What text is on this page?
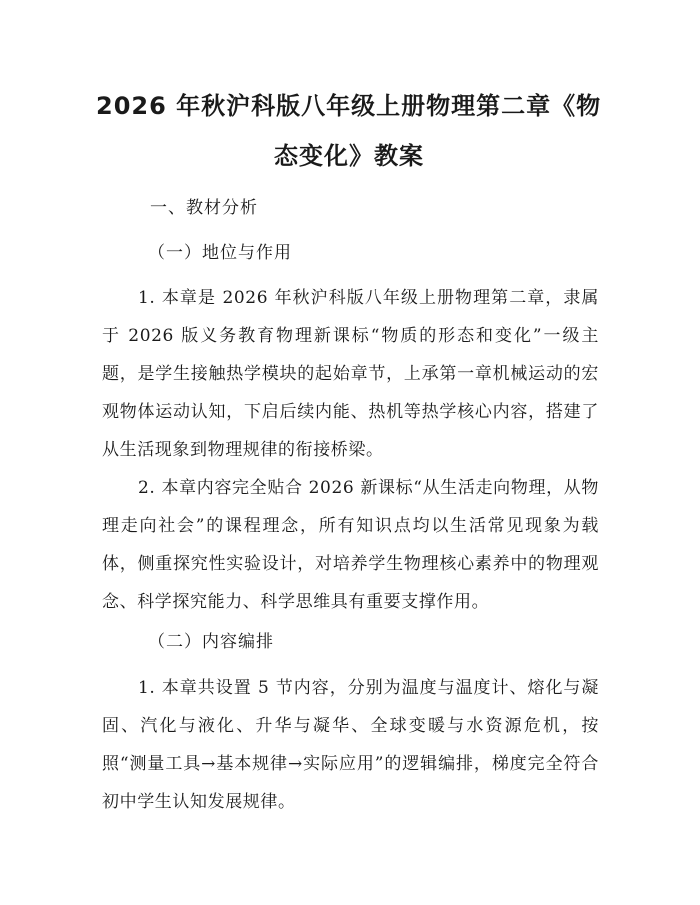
2026 年秋沪科版八年级上册物理第二章《物
态变化》教案
一、教材分析
（一）地位与作用
1. 本章是 2026 年秋沪科版八年级上册物理第二章，隶属于 2026 版义务教育物理新课标“物质的形态和变化”一级主题，是学生接触热学模块的起始章节，上承第一章机械运动的宏观物体运动认知，下启后续内能、热机等热学核心内容，搭建了从生活现象到物理规律的衔接桥梁。
2. 本章内容完全贴合 2026 新课标“从生活走向物理，从物理走向社会”的课程理念，所有知识点均以生活常见现象为载体，侧重探究性实验设计，对培养学生物理核心素养中的物理观念、科学探究能力、科学思维具有重要支撑作用。
（二）内容编排
1. 本章共设置 5 节内容，分别为温度与温度计、熔化与凝固、汽化与液化、升华与凝华、全球变暖与水资源危机，按照“测量工具→基本规律→实际应用”的逻辑编排，梯度完全符合初中学生认知发展规律。
